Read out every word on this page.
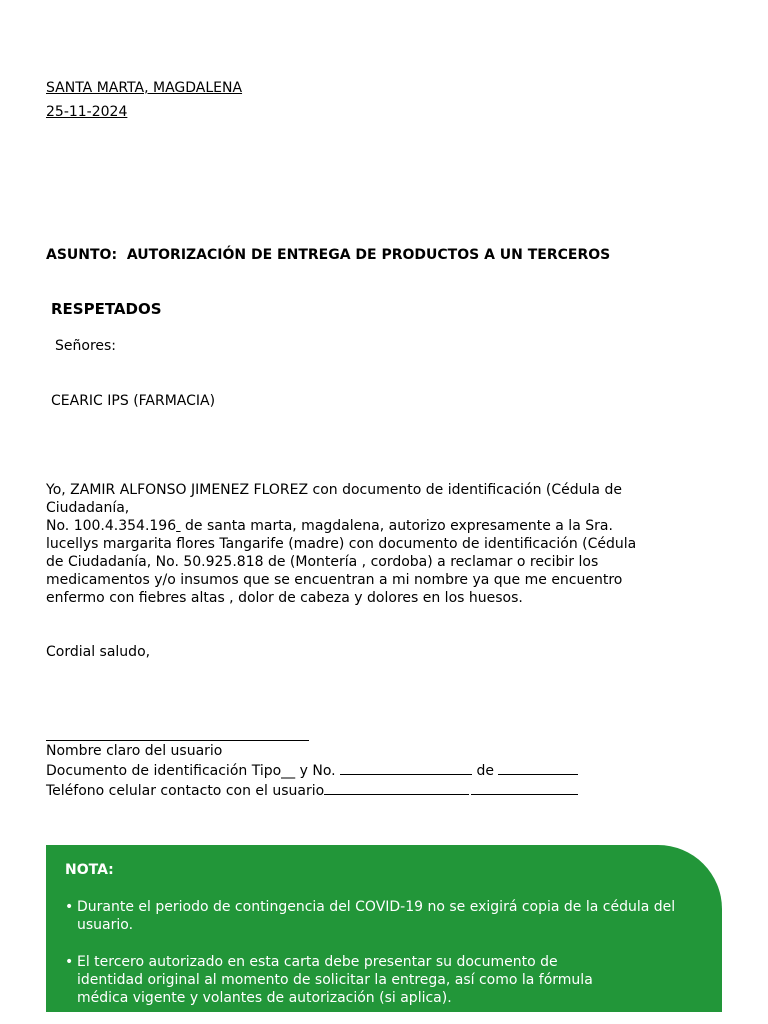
SANTA MARTA, MAGDALENA
25-11-2024
ASUNTO: AUTORIZACIÓN DE ENTREGA DE PRODUCTOS A UN TERCEROS
RESPETADOS
Señores:
CEARIC IPS (FARMACIA)
Yo, ZAMIR ALFONSO JIMENEZ FLOREZ con documento de identificación (Cédula de
Ciudadanía,
No. 100.4.354.196  de santa marta, magdalena, autorizo expresamente a la Sra.
lucellys margarita flores Tangarife (madre) con documento de identificación (Cédula
de Ciudadanía, No. 50.925.818 de (Montería , cordoba) a reclamar o recibir los
medicamentos y/o insumos que se encuentran a mi nombre ya que me encuentro
enfermo con fiebres altas , dolor de cabeza y dolores en los huesos.
Cordial saludo,
Nombre claro del usuario
Documento de identificación Tipo__ y No.	de
Teléfono celular contacto con el usuario
NOTA:
• Durante el periodo de contingencia del COVID-19 no se exigirá copia de la cédula del
usuario.
• El tercero autorizado en esta carta debe presentar su documento de
identidad original al momento de solicitar la entrega, así como la fórmula
médica vigente y volantes de autorización (si aplica).
